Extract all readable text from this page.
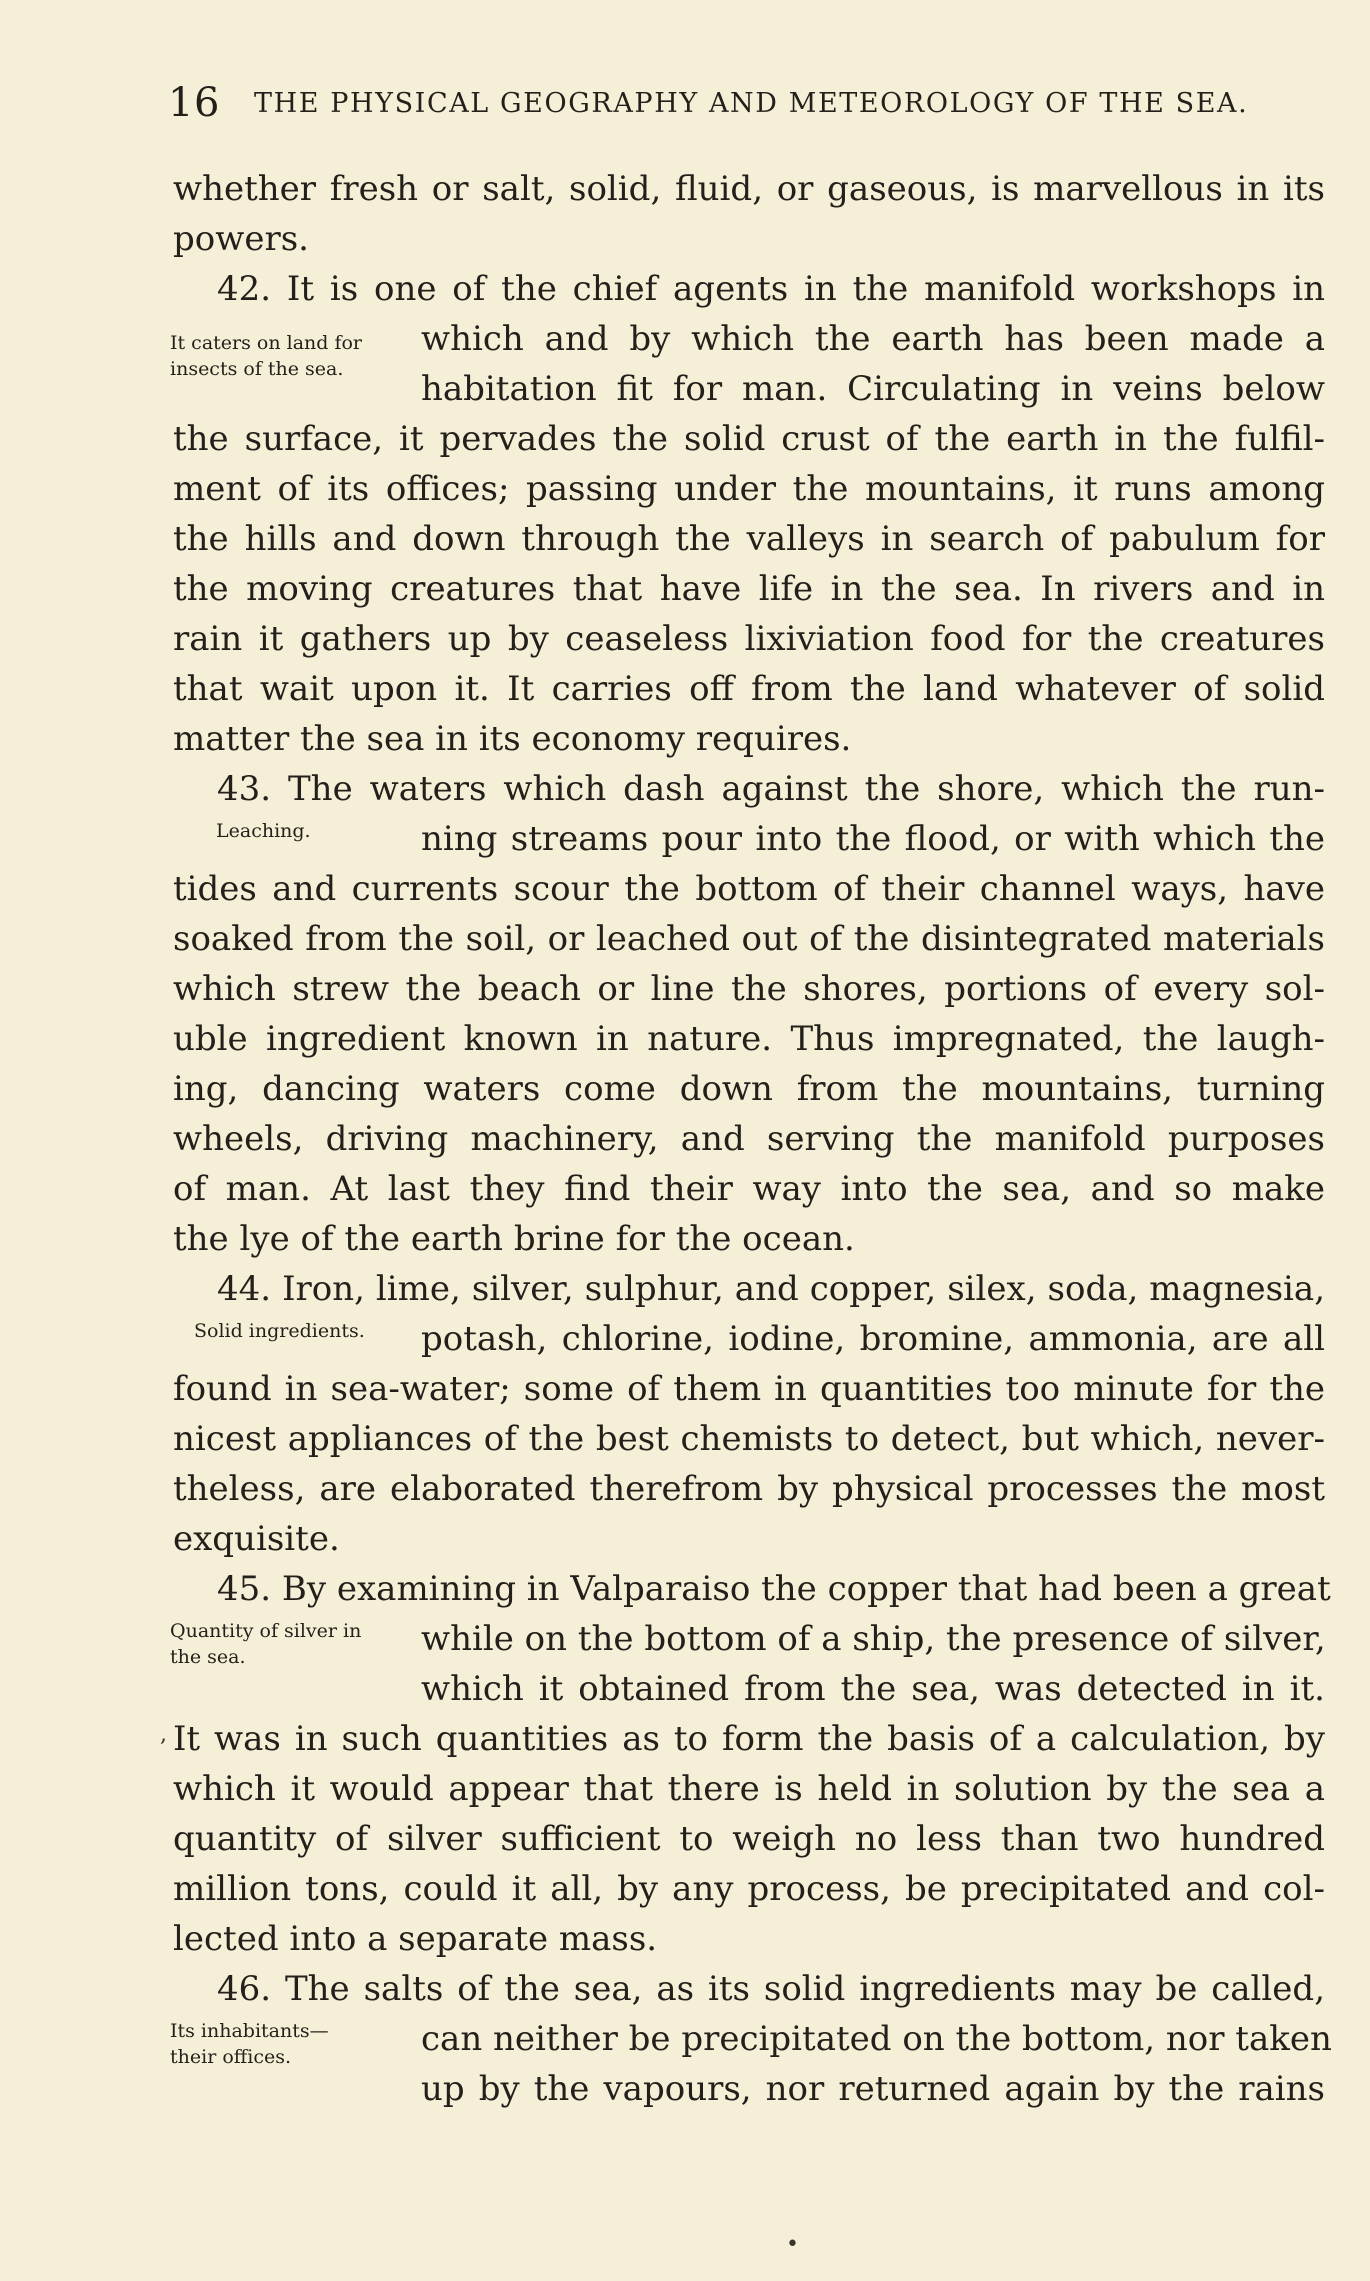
16 THE PHYSICAL GEOGRAPHY AND METEOROLOGY OF THE SEA.
whether fresh or salt, solid, fluid, or gaseous, is marvellous in its
powers.
42. It is one of the chief agents in the manifold workshops in
which and by which the earth has been made a
habitation fit for man. Circulating in veins below
the surface, it pervades the solid crust of the earth in the fulfil-
ment of its offices; passing under the mountains, it runs among
the hills and down through the valleys in search of pabulum for
the moving creatures that have life in the sea. In rivers and in
rain it gathers up by ceaseless lixiviation food for the creatures
that wait upon it. It carries off from the land whatever of solid
matter the sea in its economy requires.
43. The waters which dash against the shore, which the run-
ning streams pour into the flood, or with which the
tides and currents scour the bottom of their channel ways, have
soaked from the soil, or leached out of the disintegrated materials
which strew the beach or line the shores, portions of every sol-
uble ingredient known in nature. Thus impregnated, the laugh-
ing, dancing waters come down from the mountains, turning
wheels, driving machinery, and serving the manifold purposes
of man. At last they find their way into the sea, and so make
the lye of the earth brine for the ocean.
44. Iron, lime, silver, sulphur, and copper, silex, soda, magnesia,
potash, chlorine, iodine, bromine, ammonia, are all
found in sea-water; some of them in quantities too minute for the
nicest appliances of the best chemists to detect, but which, never-
theless, are elaborated therefrom by physical processes the most
exquisite.
45. By examining in Valparaiso the copper that had been a great
while on the bottom of a ship, the presence of silver,
which it obtained from the sea, was detected in it.
It was in such quantities as to form the basis of a calculation, by
which it would appear that there is held in solution by the sea a
quantity of silver sufficient to weigh no less than two hundred
million tons, could it all, by any process, be precipitated and col-
lected into a separate mass.
46. The salts of the sea, as its solid ingredients may be called,
can neither be precipitated on the bottom, nor taken
up by the vapours, nor returned again by the rains
It caters on land for
insects of the sea.
Leaching.
Solid ingredients.
Quantity of silver in
the sea.
Its inhabitants—
their offices.
,
•
